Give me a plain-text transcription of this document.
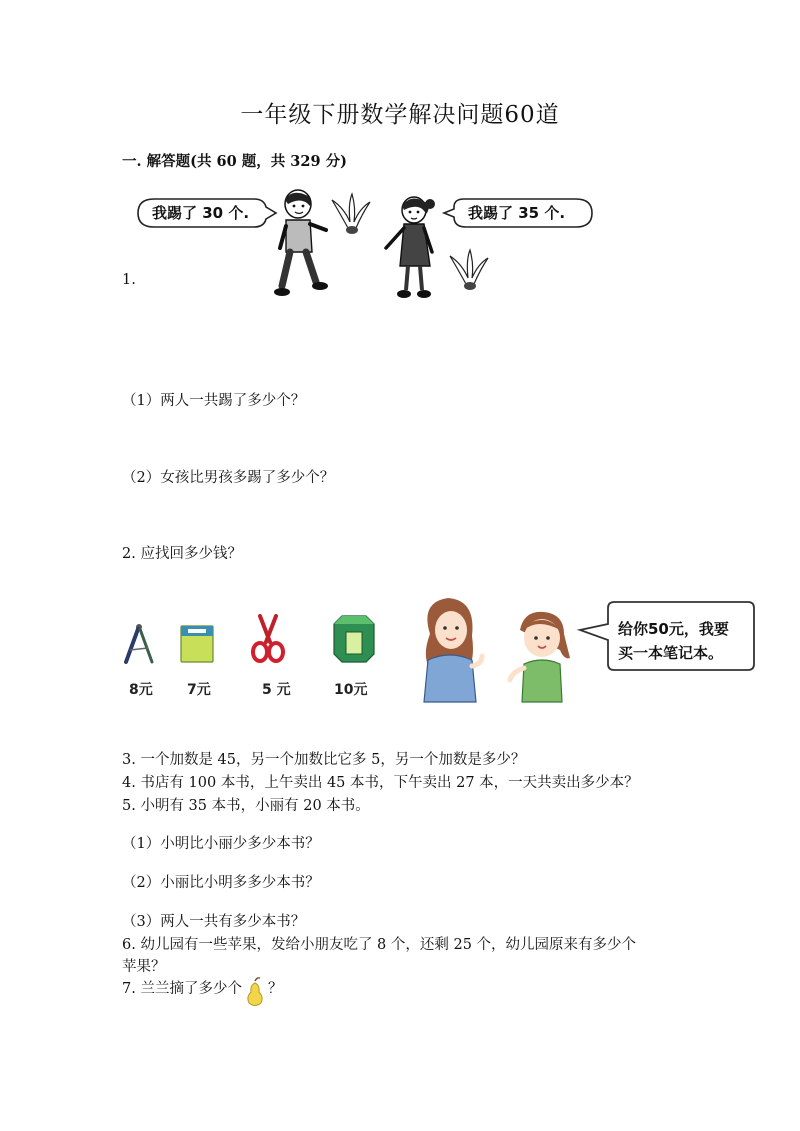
一年级下册数学解决问题60道
一. 解答题(共 60 题，共 329 分)
1.
我踢了 30 个.	我踢了 35 个.
（1）两人一共踢了多少个？
（2）女孩比男孩多踢了多少个？
2. 应找回多少钱？
8元 7元	5 元	10元
给你50元，我要
买一本笔记本。
3. 一个加数是 45，另一个加数比它多 5，另一个加数是多少？
4. 书店有 100 本书，上午卖出 45 本书，下午卖出 27 本，一天共卖出多少本？
5. 小明有 35 本书，小丽有 20 本书。
（1）小明比小丽少多少本书？
（2）小丽比小明多多少本书？
（3）两人一共有多少本书？
6. 幼儿园有一些苹果，发给小朋友吃了 8 个，还剩 25 个，幼儿园原来有多少个
苹果？
7. 兰兰摘了多少个 ？
